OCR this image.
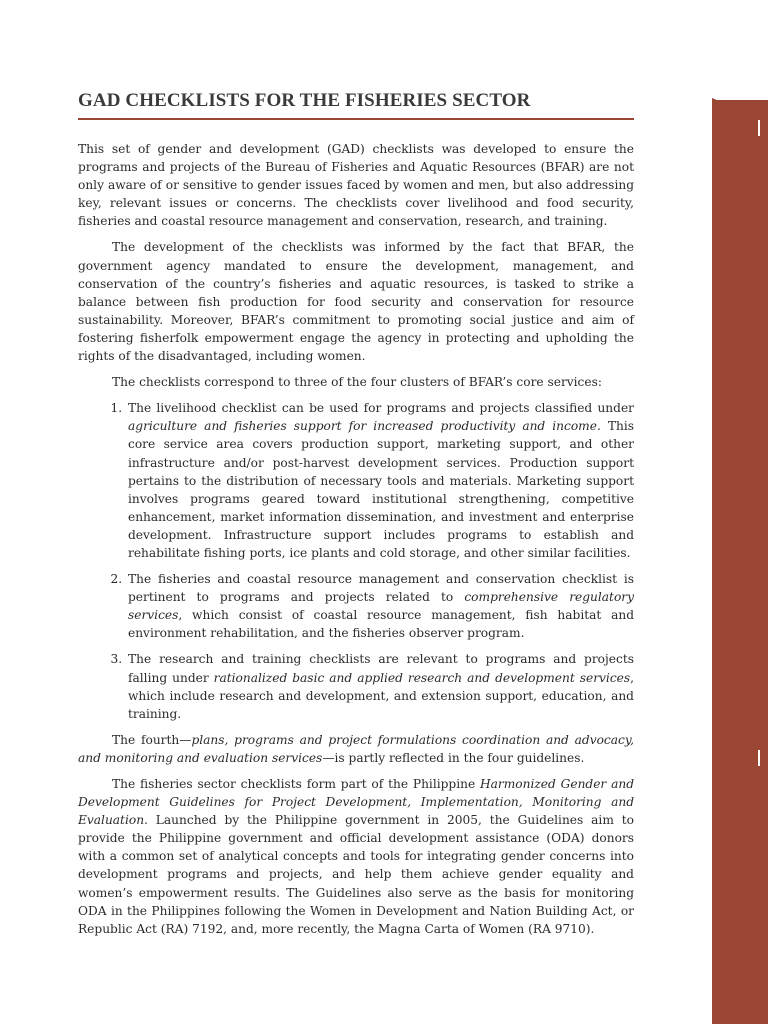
GAD CHECKLISTS FOR THE FISHERIES SECTOR

This set of gender and development (GAD) checklists was developed to ensure the programs and projects of the Bureau of Fisheries and Aquatic Resources (BFAR) are not only aware of or sensitive to gender issues faced by women and men, but also addressing key, relevant issues or concerns. The checklists cover livelihood and food security, fisheries and coastal resource management and conservation, research, and training.

The development of the checklists was informed by the fact that BFAR, the government agency mandated to ensure the development, management, and conservation of the country’s fisheries and aquatic resources, is tasked to strike a balance between fish production for food security and conservation for resource sustainability. Moreover, BFAR’s commitment to promoting social justice and aim of fostering fisherfolk empowerment engage the agency in protecting and upholding the rights of the disadvantaged, including women.

The checklists correspond to three of the four clusters of BFAR’s core services:

1. The livelihood checklist can be used for programs and projects classified under agriculture and fisheries support for increased productivity and income. This core service area covers production support, marketing support, and other infrastructure and/or post-harvest development services. Production support pertains to the distribution of necessary tools and materials. Marketing support involves programs geared toward institutional strengthening, competitive enhancement, market information dissemination, and investment and enterprise development. Infrastructure support includes programs to establish and rehabilitate fishing ports, ice plants and cold storage, and other similar facilities.
2. The fisheries and coastal resource management and conservation checklist is pertinent to programs and projects related to comprehensive regulatory services, which consist of coastal resource management, fish habitat and environment rehabilitation, and the fisheries observer program.
3. The research and training checklists are relevant to programs and projects falling under rationalized basic and applied research and development services, which include research and development, and extension support, education, and training.

The fourth—plans, programs and project formulations coordination and advocacy, and monitoring and evaluation services—is partly reflected in the four guidelines.

The fisheries sector checklists form part of the Philippine Harmonized Gender and Development Guidelines for Project Development, Implementation, Monitoring and Evaluation. Launched by the Philippine government in 2005, the Guidelines aim to provide the Philippine government and official development assistance (ODA) donors with a common set of analytical concepts and tools for integrating gender concerns into development programs and projects, and help them achieve gender equality and women’s empowerment results. The Guidelines also serve as the basis for monitoring ODA in the Philippines following the Women in Development and Nation Building Act, or Republic Act (RA) 7192, and, more recently, the Magna Carta of Women (RA 9710).
